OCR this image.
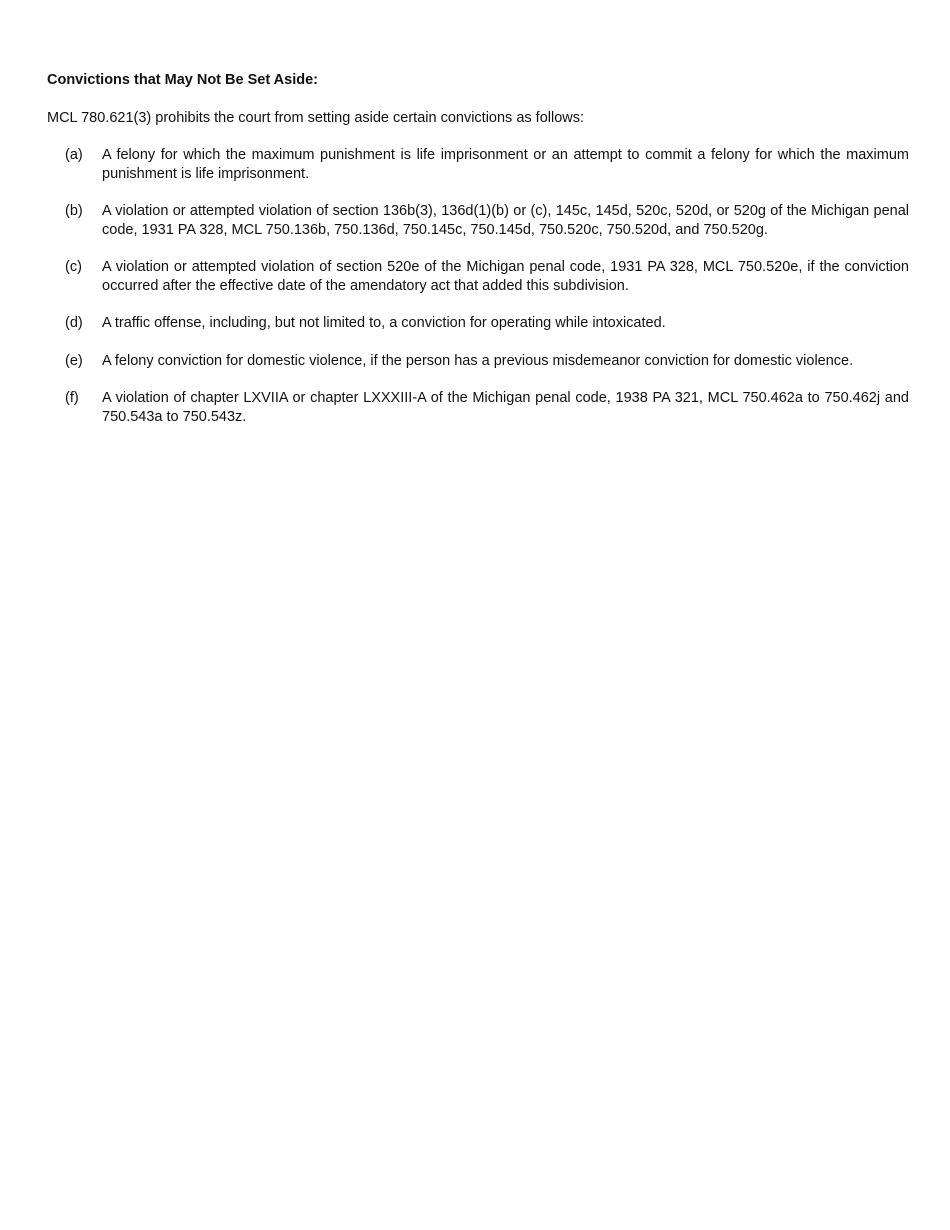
Convictions that May Not Be Set Aside:

MCL 780.621(3) prohibits the court from setting aside certain convictions as follows:

(a) A felony for which the maximum punishment is life imprisonment or an attempt to commit a felony for which the maximum punishment is life imprisonment.
(b) A violation or attempted violation of section 136b(3), 136d(1)(b) or (c), 145c, 145d, 520c, 520d, or 520g of the Michigan penal code, 1931 PA 328, MCL 750.136b, 750.136d, 750.145c, 750.145d, 750.520c, 750.520d, and 750.520g.
(c) A violation or attempted violation of section 520e of the Michigan penal code, 1931 PA 328, MCL 750.520e, if the conviction occurred after the effective date of the amendatory act that added this subdivision.
(d) A traffic offense, including, but not limited to, a conviction for operating while intoxicated.
(e) A felony conviction for domestic violence, if the person has a previous misdemeanor conviction for domestic violence.
(f) A violation of chapter LXVIIA or chapter LXXXIII-A of the Michigan penal code, 1938 PA 321, MCL 750.462a to 750.462j and 750.543a to 750.543z.
